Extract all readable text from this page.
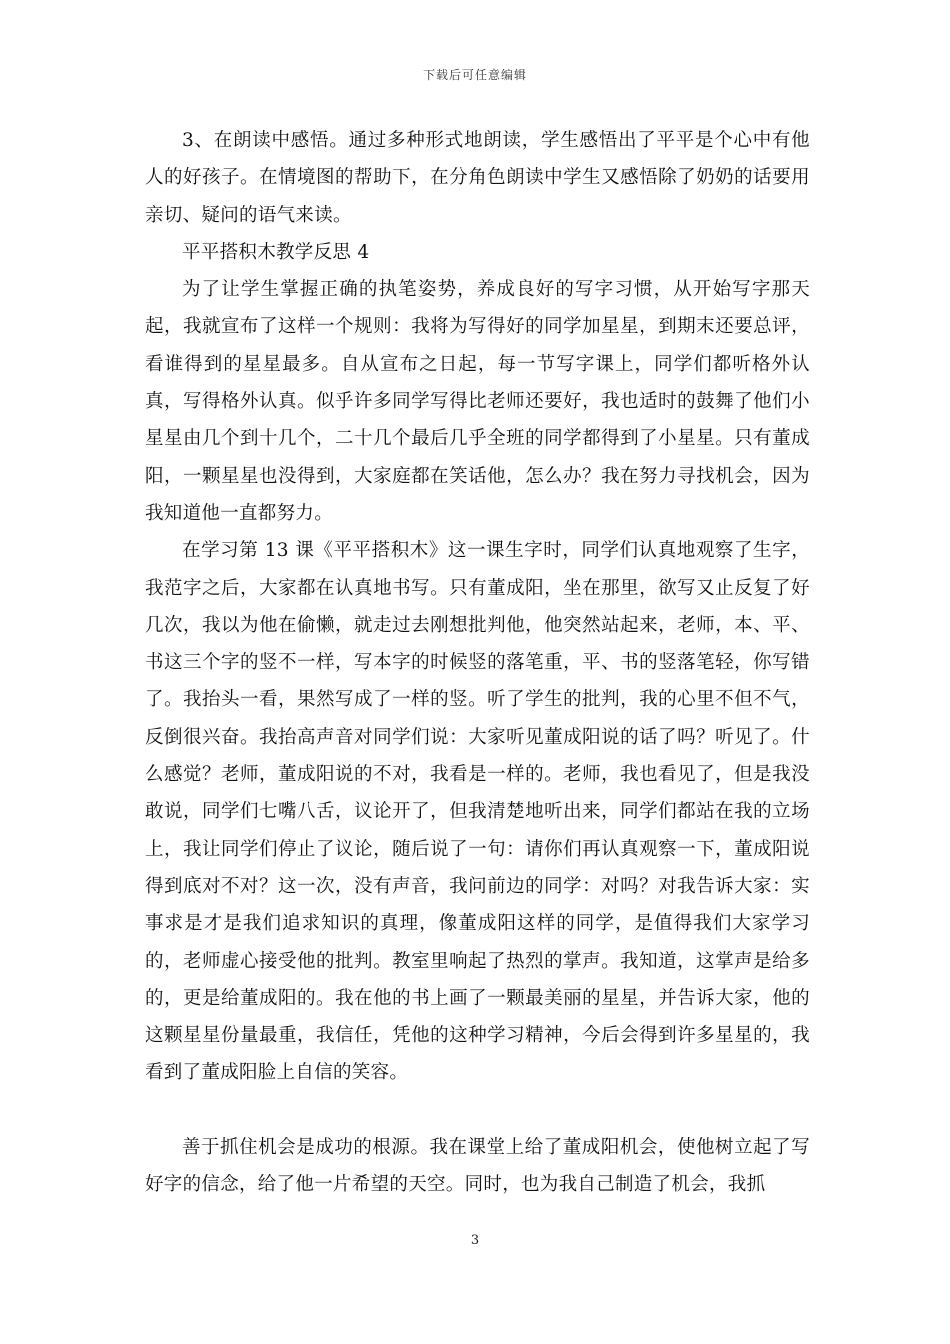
下载后可任意编辑

3、在朗读中感悟。通过多种形式地朗读，学生感悟出了平平是个心中有他人的好孩子。在情境图的帮助下，在分角色朗读中学生又感悟除了奶奶的话要用亲切、疑问的语气来读。

平平搭积木教学反思 4

为了让学生掌握正确的执笔姿势，养成良好的写字习惯，从开始写字那天起，我就宣布了这样一个规则：我将为写得好的同学加星星，到期末还要总评，看谁得到的星星最多。自从宣布之日起，每一节写字课上，同学们都听格外认真，写得格外认真。似乎许多同学写得比老师还要好，我也适时的鼓舞了他们小星星由几个到十几个，二十几个最后几乎全班的同学都得到了小星星。只有董成阳，一颗星星也没得到，大家庭都在笑话他，怎么办？我在努力寻找机会，因为我知道他一直都努力。

在学习第 13 课《平平搭积木》这一课生字时，同学们认真地观察了生字，我范字之后，大家都在认真地书写。只有董成阳，坐在那里，欲写又止反复了好几次，我以为他在偷懒，就走过去刚想批判他，他突然站起来，老师，本、平、书这三个字的竖不一样，写本字的时候竖的落笔重，平、书的竖落笔轻，你写错了。我抬头一看，果然写成了一样的竖。听了学生的批判，我的心里不但不气，反倒很兴奋。我抬高声音对同学们说：大家听见董成阳说的话了吗？听见了。什么感觉？老师，董成阳说的不对，我看是一样的。老师，我也看见了，但是我没敢说，同学们七嘴八舌，议论开了，但我清楚地听出来，同学们都站在我的立场上，我让同学们停止了议论，随后说了一句：请你们再认真观察一下，董成阳说得到底对不对？这一次，没有声音，我问前边的同学：对吗？对我告诉大家：实事求是才是我们追求知识的真理，像董成阳这样的同学，是值得我们大家学习的，老师虚心接受他的批判。教室里响起了热烈的掌声。我知道，这掌声是给多的，更是给董成阳的。我在他的书上画了一颗最美丽的星星，并告诉大家，他的这颗星星份量最重，我信任，凭他的这种学习精神，今后会得到许多星星的，我看到了董成阳脸上自信的笑容。

善于抓住机会是成功的根源。我在课堂上给了董成阳机会，使他树立起了写好字的信念，给了他一片希望的天空。同时，也为我自己制造了机会，我抓

3
